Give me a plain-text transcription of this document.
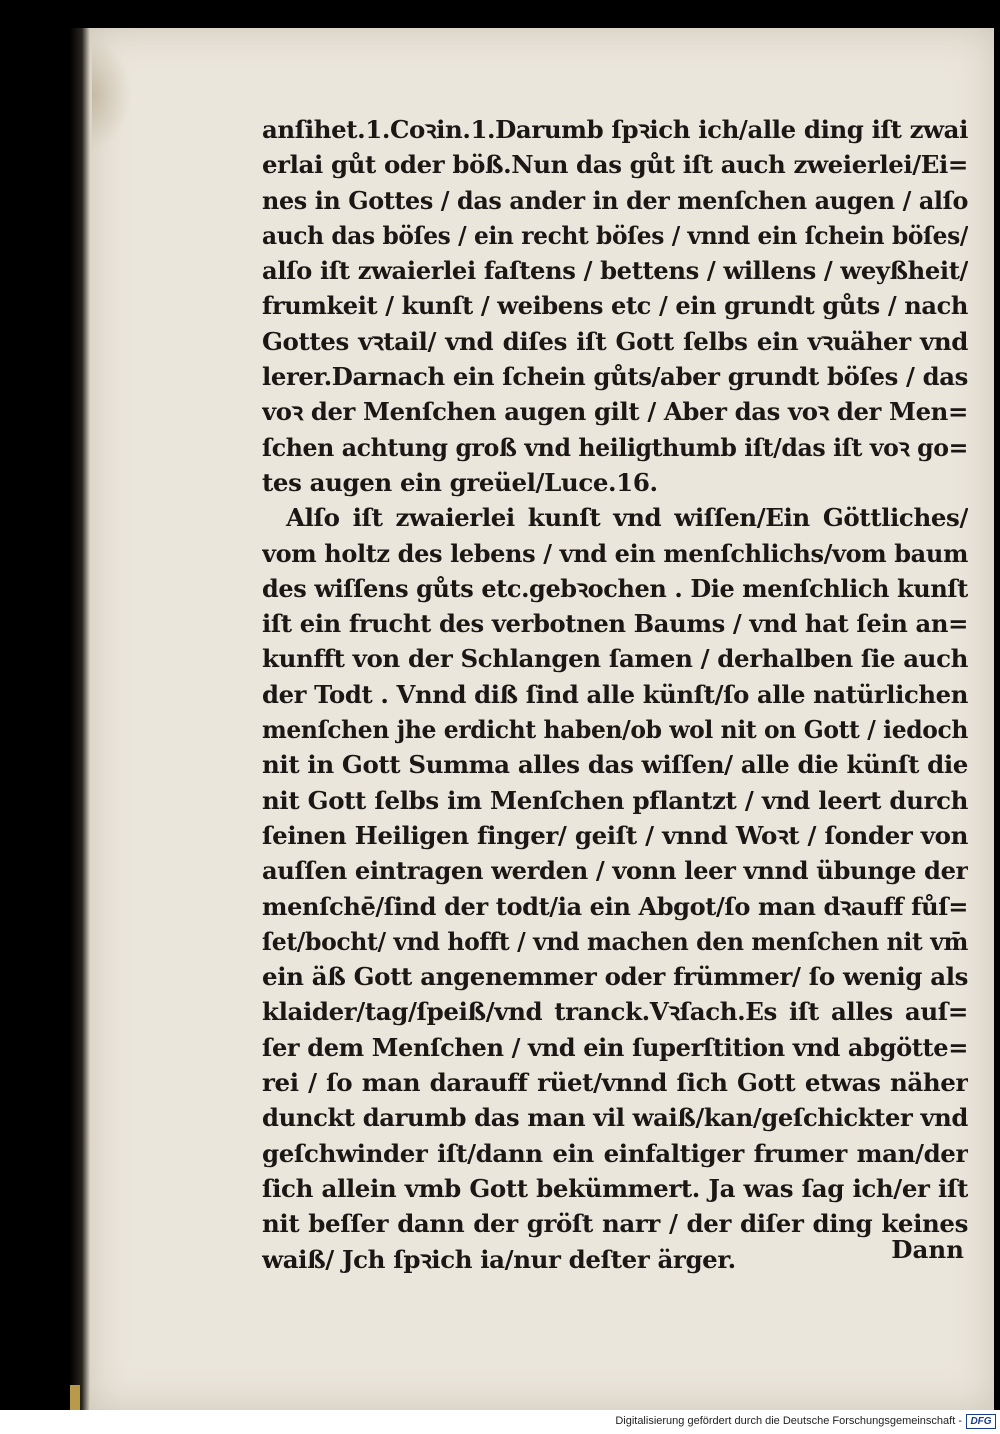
anſihet.1.Coꝛin.1.Darumb ſpꝛich ich/alle ding iſt zwai
erlai gůt oder böß.Nun das gůt iſt auch zweierlei/Ei=
nes in Gottes / das ander in der menſchen augen / alſo
auch das böſes / ein recht böſes / vnnd ein ſchein böſes/
alſo iſt zwaierlei faſtens / bettens / willens / weyßheit/
frumkeit / kunſt / weibens etc / ein grundt gůts / nach
Gottes vꝛtail/ vnd diſes iſt Gott ſelbs ein vꝛuäher vnd
lerer.Darnach ein ſchein gůts/aber grundt böſes / das
voꝛ der Menſchen augen gilt / Aber das voꝛ der Men=
ſchen achtung groß vnd heiligthumb iſt/das iſt voꝛ go=
tes augen ein greüel/Luce.16.
Alſo iſt zwaierlei kunſt vnd wiſſen/Ein Göttliches/
vom holtz des lebens / vnd ein menſchlichs/vom baum
des wiſſens gůts etc.gebꝛochen . Die menſchlich kunſt
iſt ein frucht des verbotnen Baums / vnd hat ſein an=
kunfft von der Schlangen ſamen / derhalben ſie auch
der Todt . Vnnd diß ſind alle künſt/ſo alle natürlichen
menſchen jhe erdicht haben/ob wol nit on Gott / iedoch
nit in Gott Summa alles das wiſſen/ alle die künſt die
nit Gott ſelbs im Menſchen pflantzt / vnd leert durch
ſeinen Heiligen finger/ geiſt / vnnd Woꝛt / ſonder von
auſſen eintragen werden / vonn leer vnnd übunge der
menſchē/ſind der todt/ia ein Abgot/ſo man dꝛauff fůſ=
ſet/bocht/ vnd hofft / vnd machen den menſchen nit vm̄
ein äß Gott angenemmer oder frümmer/ ſo wenig als
klaider/tag/ſpeiß/vnd tranck.Vꝛſach.Es iſt alles auſ=
ſer dem Menſchen / vnd ein ſuperſtition vnd abgötte=
rei / ſo man darauff rüet/vnnd ſich Gott etwas näher
dunckt darumb das man vil waiß/kan/geſchickter vnd
geſchwinder iſt/dann ein einfaltiger frumer man/der
ſich allein vmb Gott bekümmert. Ja was ſag ich/er iſt
nit beſſer dann der gröſt narr / der diſer ding keines
waiß/ Jch ſpꝛich ia/nur deſter ärger.	Dann
Digitalisierung gefördert durch die Deutsche Forschungsgemeinschaft - DFG
